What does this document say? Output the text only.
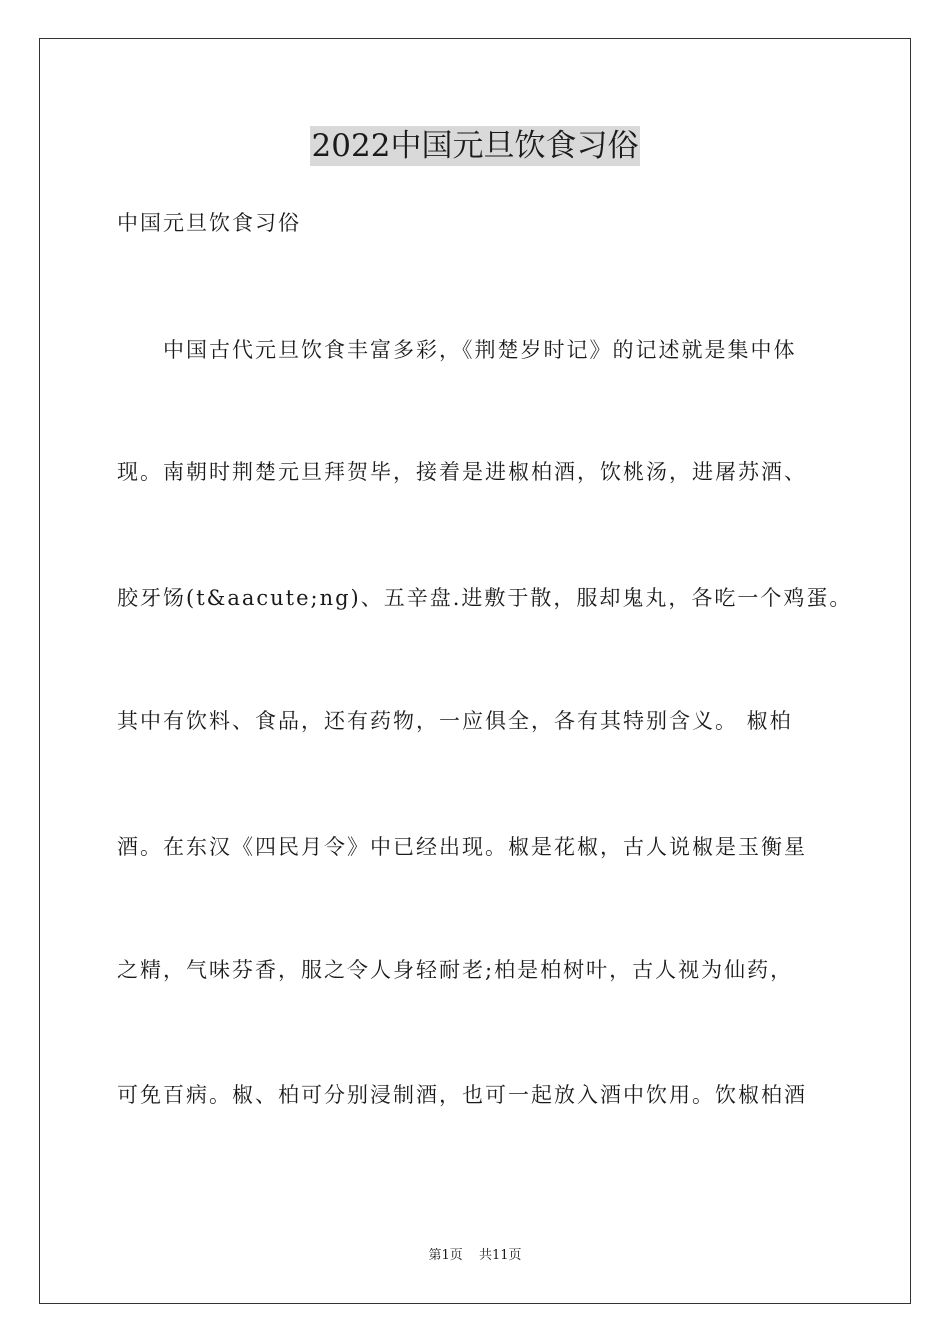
2022中国元旦饮食习俗
中国元旦饮食习俗
　　中国古代元旦饮食丰富多彩，《荆楚岁时记》的记述就是集中体
现。南朝时荆楚元旦拜贺毕，接着是进椒柏酒，饮桃汤，进屠苏酒、
胶牙饧(t&aacute;ng)、五辛盘.进敷于散，服却鬼丸，各吃一个鸡蛋。
其中有饮料、食品，还有药物，一应俱全，各有其特别含义。 椒柏
酒。在东汉《四民月令》中已经出现。椒是花椒，古人说椒是玉衡星
之精，气味芬香，服之令人身轻耐老;柏是柏树叶，古人视为仙药，
可免百病。椒、柏可分别浸制酒，也可一起放入酒中饮用。饮椒柏酒
第1页 共11页
